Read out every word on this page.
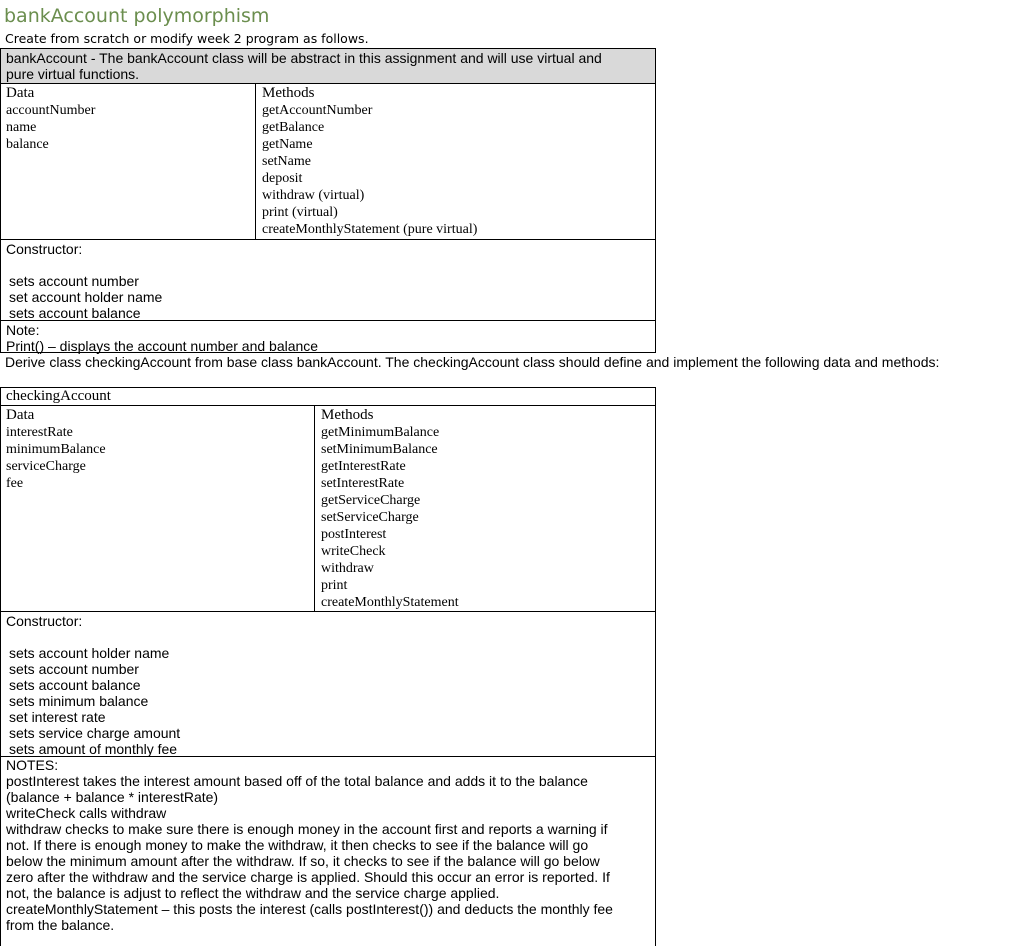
bankAccount polymorphism
Create from scratch or modify week 2 program as follows.
bankAccount - The bankAccount class will be abstract in this assignment and will use virtual and
pure virtual functions.
Data
accountNumber
name
balance
Methods
getAccountNumber
getBalance
getName
setName
deposit
withdraw (virtual)
print (virtual)
createMonthlyStatement (pure virtual)
Constructor:

sets account number
set account holder name
sets account balance
Note:
Print() – displays the account number and balance
Derive class checkingAccount from base class bankAccount. The checkingAccount class should define and implement the following data and methods:
checkingAccount
Data
interestRate
minimumBalance
serviceCharge
fee
Methods
getMinimumBalance
setMinimumBalance
getInterestRate
setInterestRate
getServiceCharge
setServiceCharge
postInterest
writeCheck
withdraw
print
createMonthlyStatement
Constructor:

sets account holder name
sets account number
sets account balance
sets minimum balance
set interest rate
sets service charge amount
sets amount of monthly fee
NOTES:
postInterest takes the interest amount based off of the total balance and adds it to the balance
(balance + balance * interestRate)
writeCheck calls withdraw
withdraw checks to make sure there is enough money in the account first and reports a warning if
not. If there is enough money to make the withdraw, it then checks to see if the balance will go
below the minimum amount after the withdraw. If so, it checks to see if the balance will go below
zero after the withdraw and the service charge is applied. Should this occur an error is reported. If
not, the balance is adjust to reflect the withdraw and the service charge applied.
createMonthlyStatement – this posts the interest (calls postInterest()) and deducts the monthly fee
from the balance.
